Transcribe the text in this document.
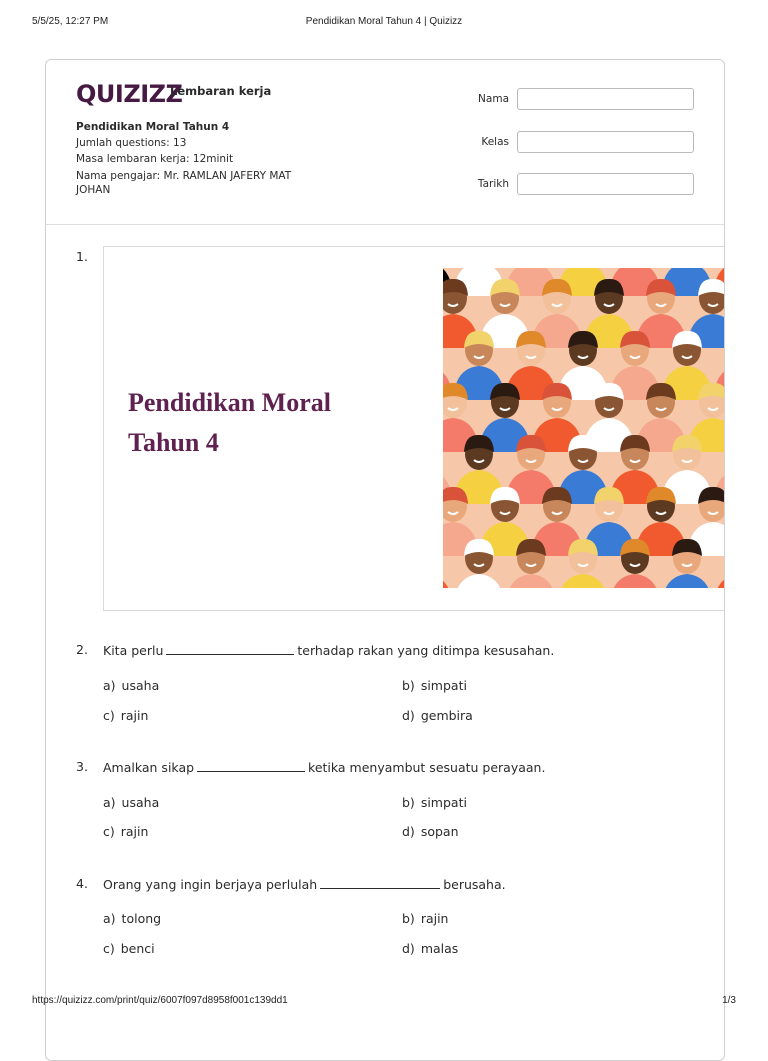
5/5/25, 12:27 PM	Pendidikan Moral Tahun 4 | Quizizz
QUIZIZZ
Lembaran kerja
Pendidikan Moral Tahun 4
Jumlah questions: 13
Masa lembaran kerja: 12minit
Nama pengajar: Mr. RAMLAN JAFERY MAT JOHAN
Nama
Kelas
Tarikh
1.
Pendidikan Moral
Tahun 4
2. Kita perlu	terhadap rakan yang ditimpa kesusahan.
a) usaha	b) simpati
c) rajin	d) gembira
3. Amalkan sikap	ketika menyambut sesuatu perayaan.
a) usaha	b) simpati
c) rajin	d) sopan
4. Orang yang ingin berjaya perlulah	berusaha.
a) tolong	b) rajin
c) benci	d) malas
https://quizizz.com/print/quiz/6007f097d8958f001c139dd1	1/3
